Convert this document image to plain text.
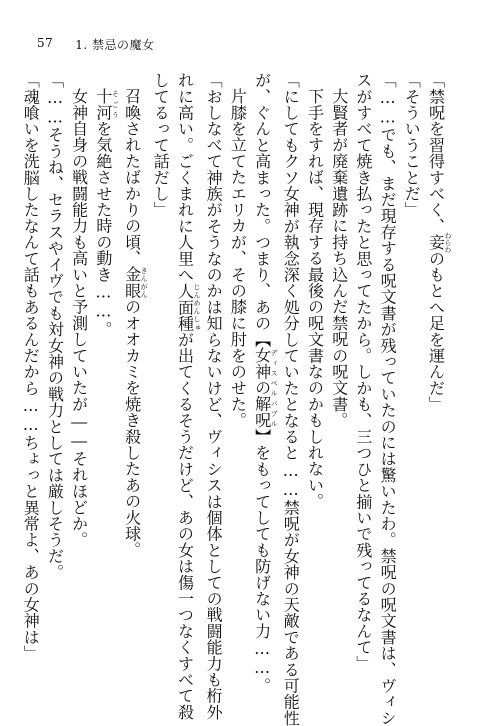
57 1. 禁忌の魔女
「禁呪を習得すべく、妾わらわのもとへ足を運んだ」
「そういうことだ」
「……でも、まだ現存する呪文書が残っていたのには驚いたわ。禁呪の呪文書は、ヴィシ
スがすべて焼き払ったと思ってたから。しかも、三つひと揃いで残ってるなんて」
大賢者が廃棄遺跡に持ち込んだ禁呪の呪文書。
下手をすれば、現存する最後の呪文書なのかもしれない。
「にしてもクソ女神が執念深く処分していたとなると……禁呪が女神の天敵である可能性
が、ぐんと高まった。つまり、あの【女神の解呪ディスペルバブル】をもってしても防げない力……。
片膝を立てたエリカが、その膝に肘をのせた。
「おしなべて神族がそうなのかは知らないけど、ヴィシスは個体としての戦闘能力も桁外
れに高い。ごくまれに人里へ人面種じんめんしゅが出てくるそうだけど、あの女は傷一つなくすべて殺
してるって話だし」
召喚されたばかりの頃、金眼きんがんのオオカミを焼き殺したあの火球。
十河そごうを気絶させた時の動き……。
女神自身の戦闘能力も高いと予測していたが――それほどか。
「……そうね、セラスやイヴでも対女神の戦力としては厳しそうだ。
「魂喰いを洗脳したなんて話もあるんだから……ちょっと異常よ、あの女神は」
